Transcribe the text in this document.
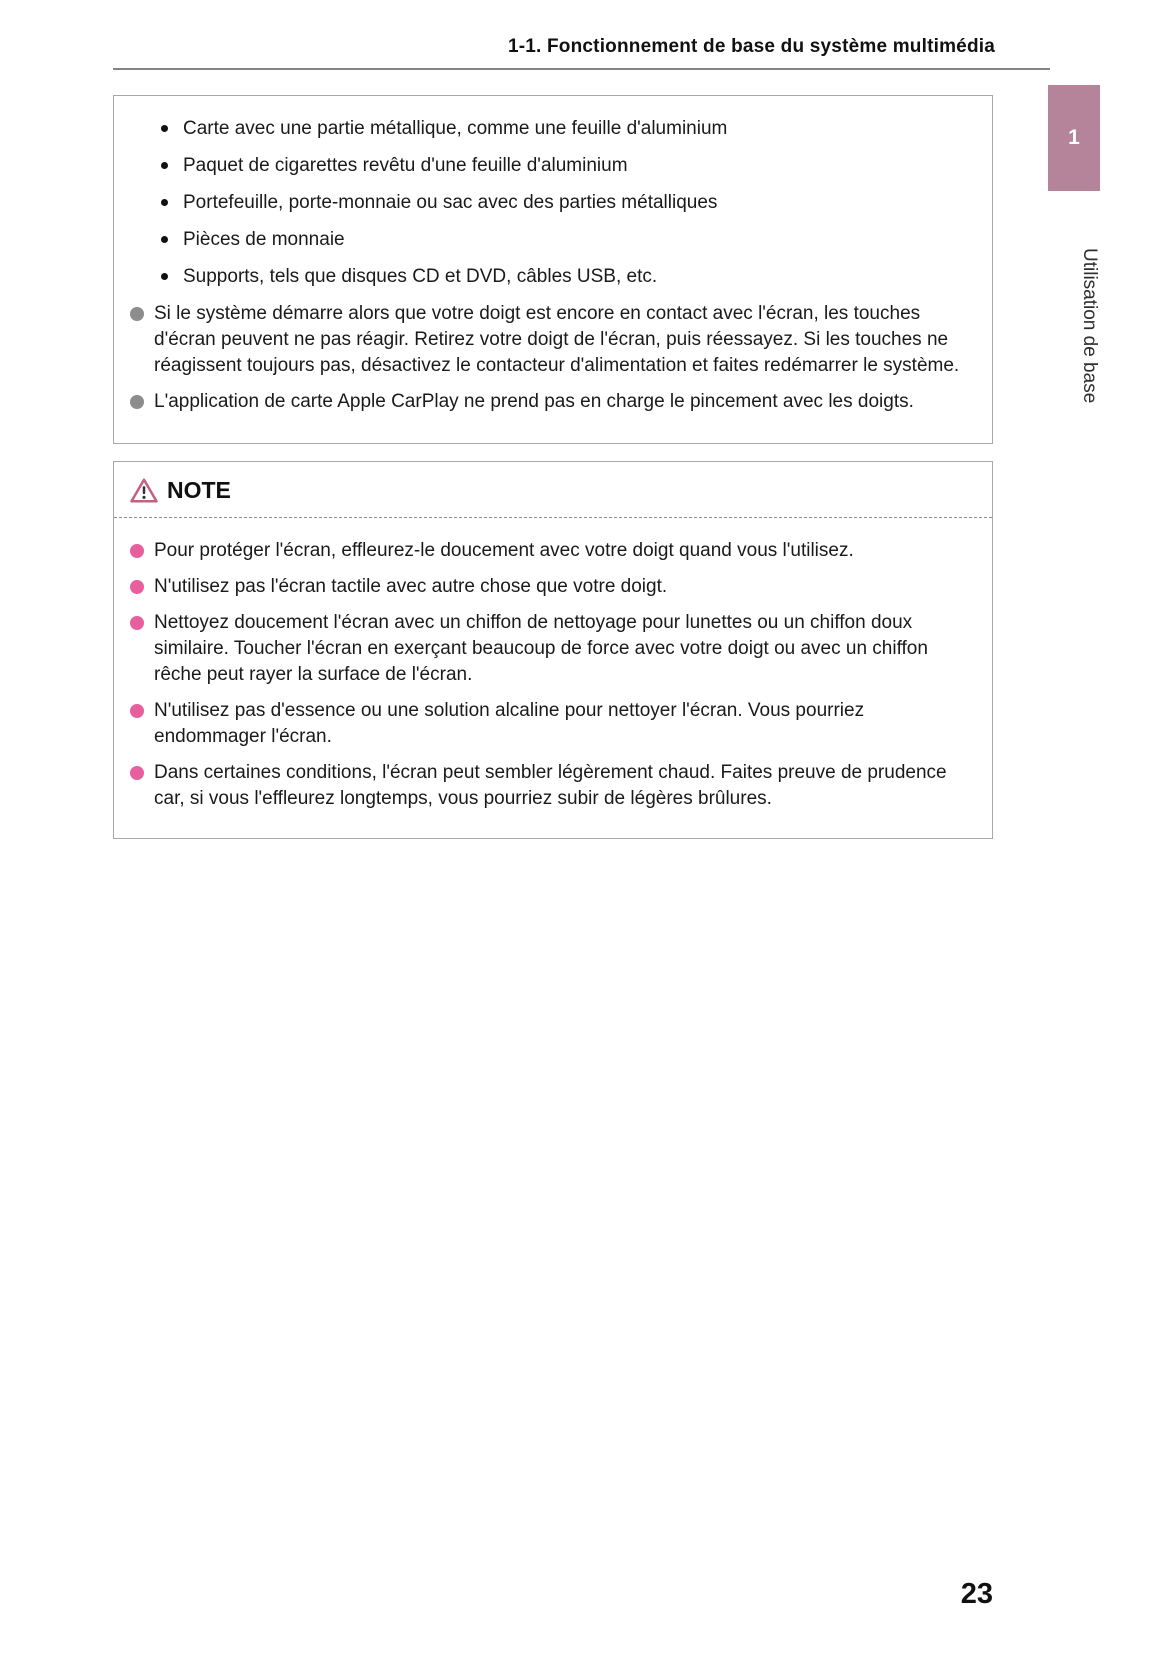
1-1. Fonctionnement de base du système multimédia
1
Utilisation de base
Carte avec une partie métallique, comme une feuille d'aluminium
Paquet de cigarettes revêtu d'une feuille d'aluminium
Portefeuille, porte-monnaie ou sac avec des parties métalliques
Pièces de monnaie
Supports, tels que disques CD et DVD, câbles USB, etc.
Si le système démarre alors que votre doigt est encore en contact avec l'écran, les touches d'écran peuvent ne pas réagir. Retirez votre doigt de l'écran, puis réessayez. Si les touches ne réagissent toujours pas, désactivez le contacteur d'alimentation et faites redémarrer le système.
L'application de carte Apple CarPlay ne prend pas en charge le pincement avec les doigts.
NOTE
Pour protéger l'écran, effleurez-le doucement avec votre doigt quand vous l'utilisez.
N'utilisez pas l'écran tactile avec autre chose que votre doigt.
Nettoyez doucement l'écran avec un chiffon de nettoyage pour lunettes ou un chiffon doux similaire. Toucher l'écran en exerçant beaucoup de force avec votre doigt ou avec un chiffon rêche peut rayer la surface de l'écran.
N'utilisez pas d'essence ou une solution alcaline pour nettoyer l'écran. Vous pourriez endommager l'écran.
Dans certaines conditions, l'écran peut sembler légèrement chaud. Faites preuve de prudence car, si vous l'effleurez longtemps, vous pourriez subir de légères brûlures.
23
